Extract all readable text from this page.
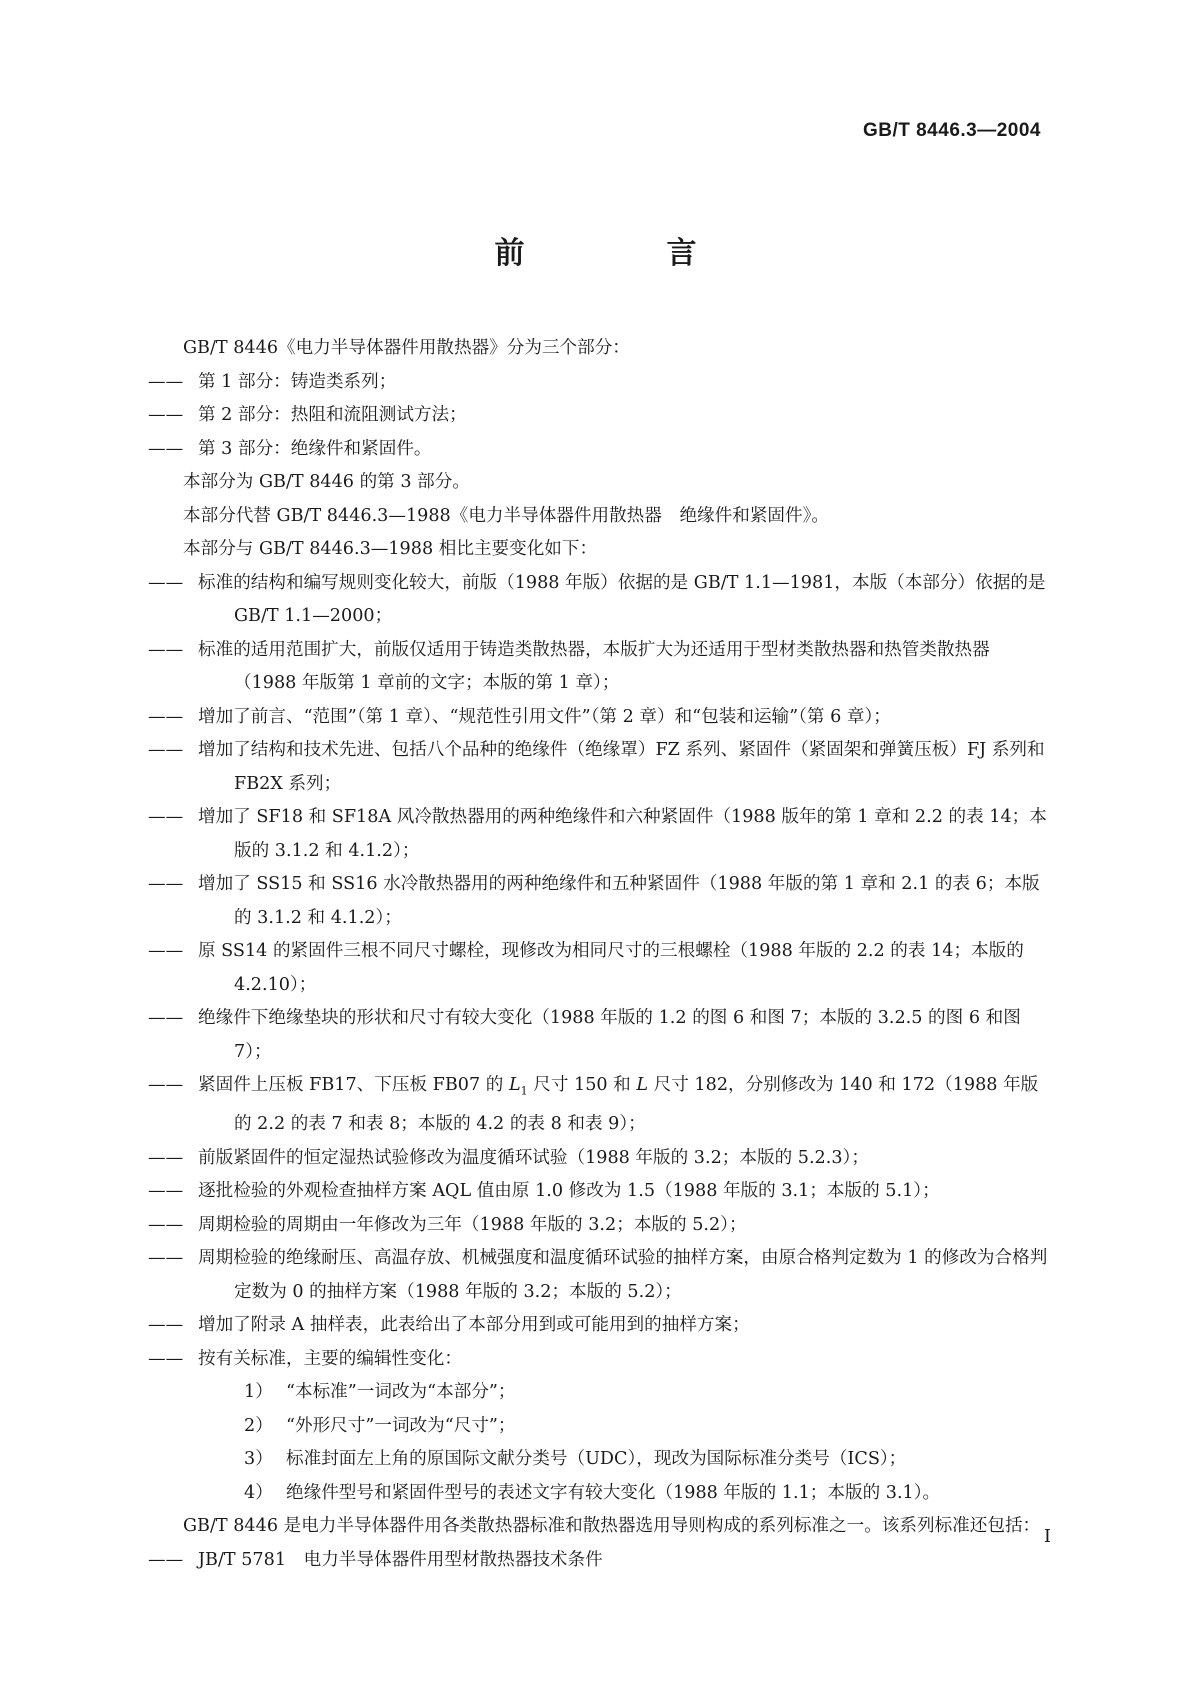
GB/T 8446.3—2004
前　言

GB/T 8446《电力半导体器件用散热器》分为三个部分：

—— 第 1 部分：铸造类系列；

—— 第 2 部分：热阻和流阻测试方法；

—— 第 3 部分：绝缘件和紧固件。

本部分为 GB/T 8446 的第 3 部分。

本部分代替 GB/T 8446.3—1988《电力半导体器件用散热器　绝缘件和紧固件》。

本部分与 GB/T 8446.3—1988 相比主要变化如下：

—— 标准的结构和编写规则变化较大，前版（1988 年版）依据的是 GB/T 1.1—1981，本版（本部分）依据的是 GB/T 1.1—2000；

—— 标准的适用范围扩大，前版仅适用于铸造类散热器，本版扩大为还适用于型材类散热器和热管类散热器（1988 年版第 1 章前的文字；本版的第 1 章）；

—— 增加了前言、“范围”（第 1 章）、“规范性引用文件”（第 2 章）和“包装和运输”（第 6 章）；

—— 增加了结构和技术先进、包括八个品种的绝缘件（绝缘罩）FZ 系列、紧固件（紧固架和弹簧压板）FJ 系列和 FB2X 系列；

—— 增加了 SF18 和 SF18A 风冷散热器用的两种绝缘件和六种紧固件（1988 版年的第 1 章和 2.2 的表 14；本版的 3.1.2 和 4.1.2）；

—— 增加了 SS15 和 SS16 水冷散热器用的两种绝缘件和五种紧固件（1988 年版的第 1 章和 2.1 的表 6；本版的 3.1.2 和 4.1.2）；

—— 原 SS14 的紧固件三根不同尺寸螺栓，现修改为相同尺寸的三根螺栓（1988 年版的 2.2 的表 14；本版的 4.2.10）；

—— 绝缘件下绝缘垫块的形状和尺寸有较大变化（1988 年版的 1.2 的图 6 和图 7；本版的 3.2.5 的图 6 和图 7）；

—— 紧固件上压板 FB17、下压板 FB07 的 $L_1$ 尺寸 150 和 L 尺寸 182，分别修改为 140 和 172（1988 年版的 2.2 的表 7 和表 8；本版的 4.2 的表 8 和表 9）；

—— 前版紧固件的恒定湿热试验修改为温度循环试验（1988 年版的 3.2；本版的 5.2.3）；

—— 逐批检验的外观检查抽样方案 AQL 值由原 1.0 修改为 1.5（1988 年版的 3.1；本版的 5.1）；

—— 周期检验的周期由一年修改为三年（1988 年版的 3.2；本版的 5.2）；

—— 周期检验的绝缘耐压、高温存放、机械强度和温度循环试验的抽样方案，由原合格判定数为 1 的修改为合格判定数为 0 的抽样方案（1988 年版的 3.2；本版的 5.2）；

—— 增加了附录 A 抽样表，此表给出了本部分用到或可能用到的抽样方案；

—— 按有关标准，主要的编辑性变化：

1） “本标准”一词改为“本部分”；

2） “外形尺寸”一词改为“尺寸”；

3） 标准封面左上角的原国际文献分类号（UDC），现改为国际标准分类号（ICS）；

4） 绝缘件型号和紧固件型号的表述文字有较大变化（1988 年版的 1.1；本版的 3.1）。

GB/T 8446 是电力半导体器件用各类散热器标准和散热器选用导则构成的系列标准之一。该系列标准还包括：

—— JB/T 5781　电力半导体器件用型材散热器技术条件

I
